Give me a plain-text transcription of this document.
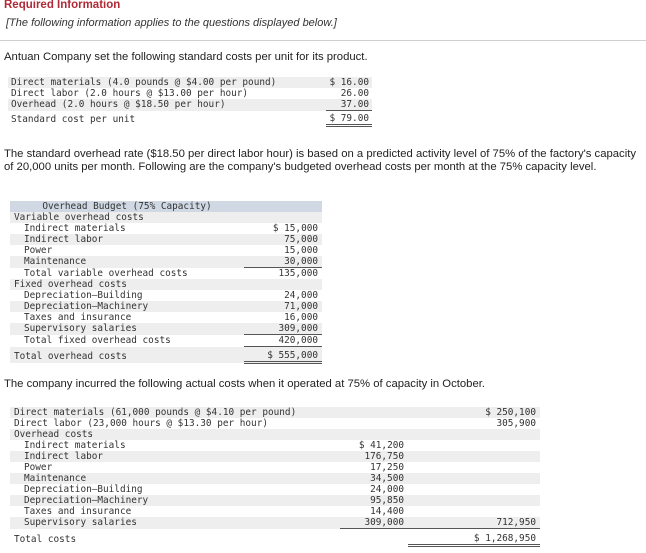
Required Information
[The following information applies to the questions displayed below.]
Antuan Company set the following standard costs per unit for its product.
Direct materials (4.0 pounds @ $4.00 per pound)	$ 16.00
Direct labor (2.0 hours @ $13.00 per hour)	26.00
Overhead (2.0 hours @ $18.50 per hour)	37.00
Standard cost per unit	$ 79.00
The standard overhead rate ($18.50 per direct labor hour) is based on a predicted activity level of 75% of the factory's capacity of 20,000 units per month. Following are the company's budgeted overhead costs per month at the 75% capacity level.
Overhead Budget (75% Capacity)	
Variable overhead costs	
Indirect materials	$ 15,000
Indirect labor	75,000
Power	15,000
Maintenance	30,000
Total variable overhead costs	135,000
Fixed overhead costs	
Depreciation—Building	24,000
Depreciation—Machinery	71,000
Taxes and insurance	16,000
Supervisory salaries	309,000
Total fixed overhead costs	420,000
Total overhead costs	$ 555,000
The company incurred the following actual costs when it operated at 75% of capacity in October.
Direct materials (61,000 pounds @ $4.10 per pound)		$ 250,100
Direct labor (23,000 hours @ $13.30 per hour)		305,900
Overhead costs		
Indirect materials	$ 41,200	
Indirect labor	176,750	
Power	17,250	
Maintenance	34,500	
Depreciation—Building	24,000	
Depreciation—Machinery	95,850	
Taxes and insurance	14,400	
Supervisory salaries	309,000	712,950
Total costs		$ 1,268,950
